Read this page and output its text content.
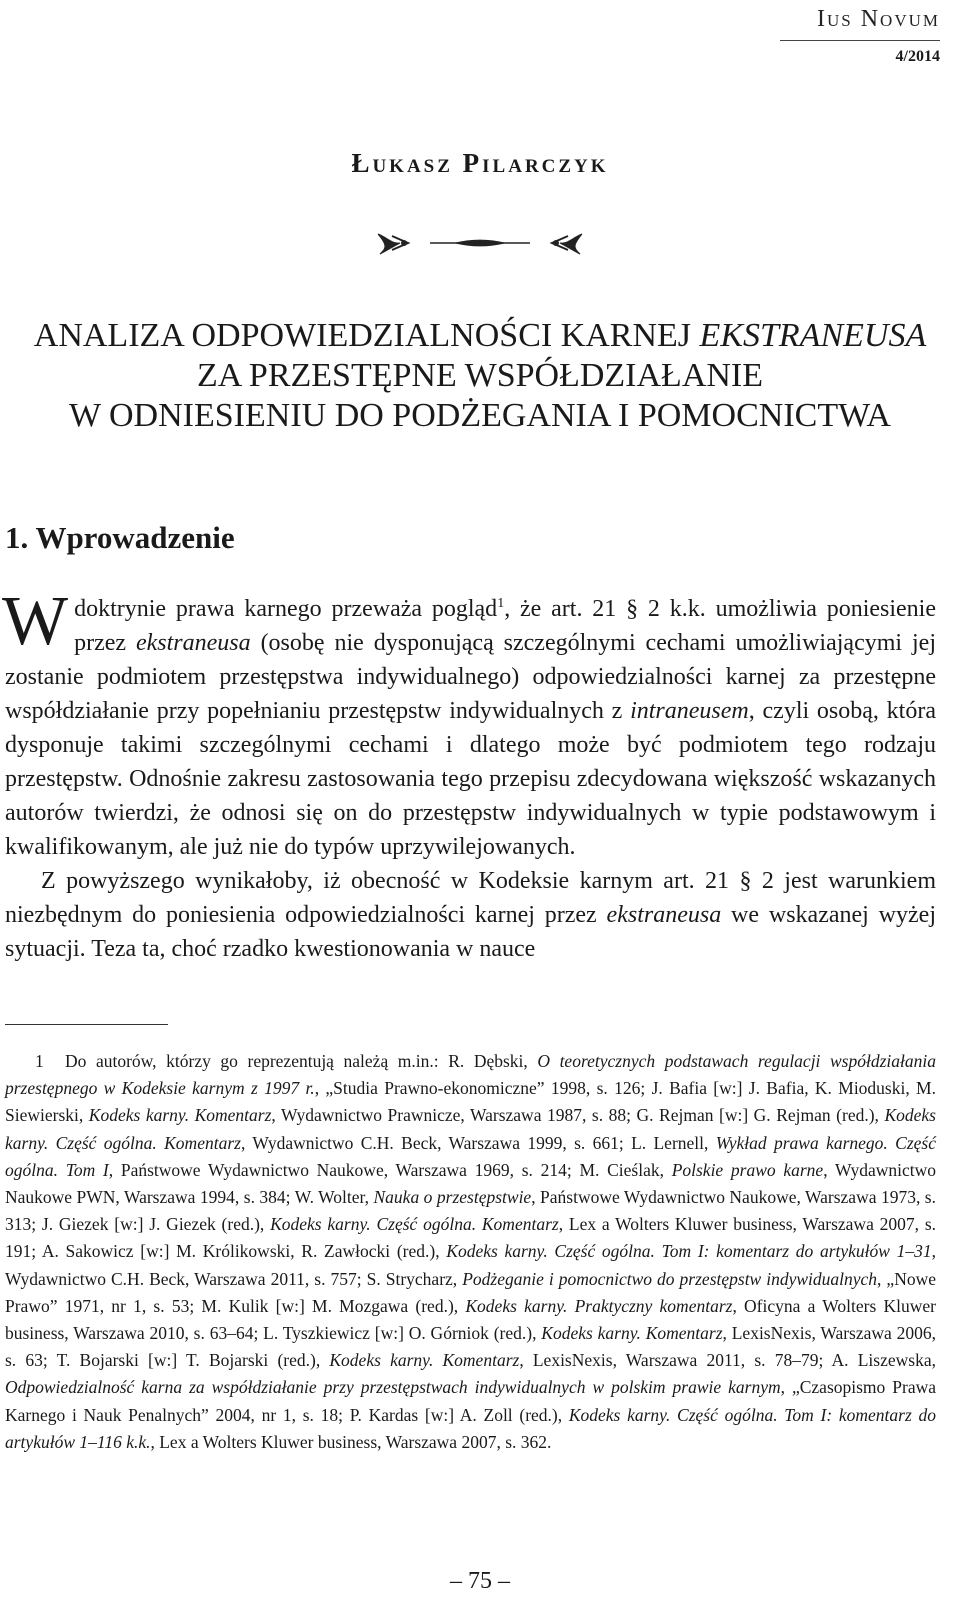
Ius Novum
4/2014
Łukasz Pilarczyk
ANALIZA ODPOWIEDZIALNOŚCI KARNEJ EKSTRANEUSA
ZA PRZESTĘPNE WSPÓŁDZIAŁANIE
W ODNIESIENIU DO PODŻEGANIA I POMOCNICTWA
1. Wprowadzenie

Wdoktrynie prawa karnego przeważa pogląd$^1$, że art. 21 § 2 k.k. umożliwia poniesienie przez ekstraneusa (osobę nie dysponującą szczególnymi cechami umożliwiającymi jej zostanie podmiotem przestępstwa indywidualnego) odpowiedzialności karnej za przestępne współdziałanie przy popełnianiu przestępstw indywidualnych z intraneusem, czyli osobą, która dysponuje takimi szczególnymi cechami i dlatego może być podmiotem tego rodzaju przestępstw. Odnośnie zakresu zastosowania tego przepisu zdecydowana większość wskazanych autorów twierdzi, że odnosi się on do przestępstw indywidualnych w typie podstawowym i kwalifikowanym, ale już nie do typów uprzywilejowanych.

Z powyższego wynikałoby, iż obecność w Kodeksie karnym art. 21 § 2 jest warunkiem niezbędnym do poniesienia odpowiedzialności karnej przez ekstraneusa we wskazanej wyżej sytuacji. Teza ta, choć rzadko kwestionowania w nauce

1 Do autorów, którzy go reprezentują należą m.in.: R. Dębski, O teoretycznych podstawach regulacji współdziałania przestępnego w Kodeksie karnym z 1997 r., „Studia Prawno-ekonomiczne” 1998, s. 126; J. Bafia [w:] J. Bafia, K. Mioduski, M. Siewierski, Kodeks karny. Komentarz, Wydawnictwo Prawnicze, Warszawa 1987, s. 88; G. Rejman [w:] G. Rejman (red.), Kodeks karny. Część ogólna. Komentarz, Wydawnictwo C.H. Beck, Warszawa 1999, s. 661; L. Lernell, Wykład prawa karnego. Część ogólna. Tom I, Państwowe Wydawnictwo Naukowe, Warszawa 1969, s. 214; M. Cieślak, Polskie prawo karne, Wydawnictwo Naukowe PWN, Warszawa 1994, s. 384; W. Wolter, Nauka o przestępstwie, Państwowe Wydawnictwo Naukowe, Warszawa 1973, s. 313; J. Giezek [w:] J. Giezek (red.), Kodeks karny. Część ogólna. Komentarz, Lex a Wolters Kluwer business, Warszawa 2007, s. 191; A. Sakowicz [w:] M. Królikowski, R. Zawłocki (red.), Kodeks karny. Część ogólna. Tom I: komentarz do artykułów 1–31, Wydawnictwo C.H. Beck, Warszawa 2011, s. 757; S. Strycharz, Podżeganie i pomocnictwo do przestępstw indywidualnych, „Nowe Prawo” 1971, nr 1, s. 53; M. Kulik [w:] M. Mozgawa (red.), Kodeks karny. Praktyczny komentarz, Oficyna a Wolters Kluwer business, Warszawa 2010, s. 63–64; L. Tyszkiewicz [w:] O. Górniok (red.), Kodeks karny. Komentarz, LexisNexis, Warszawa 2006, s. 63; T. Bojarski [w:] T. Bojarski (red.), Kodeks karny. Komentarz, LexisNexis, Warszawa 2011, s. 78–79; A. Liszewska, Odpowiedzialność karna za współdziałanie przy przestępstwach indywidualnych w polskim prawie karnym, „Czasopismo Prawa Karnego i Nauk Penalnych” 2004, nr 1, s. 18; P. Kardas [w:] A. Zoll (red.), Kodeks karny. Część ogólna. Tom I: komentarz do artykułów 1–116 k.k., Lex a Wolters Kluwer business, Warszawa 2007, s. 362.
– 75 –
